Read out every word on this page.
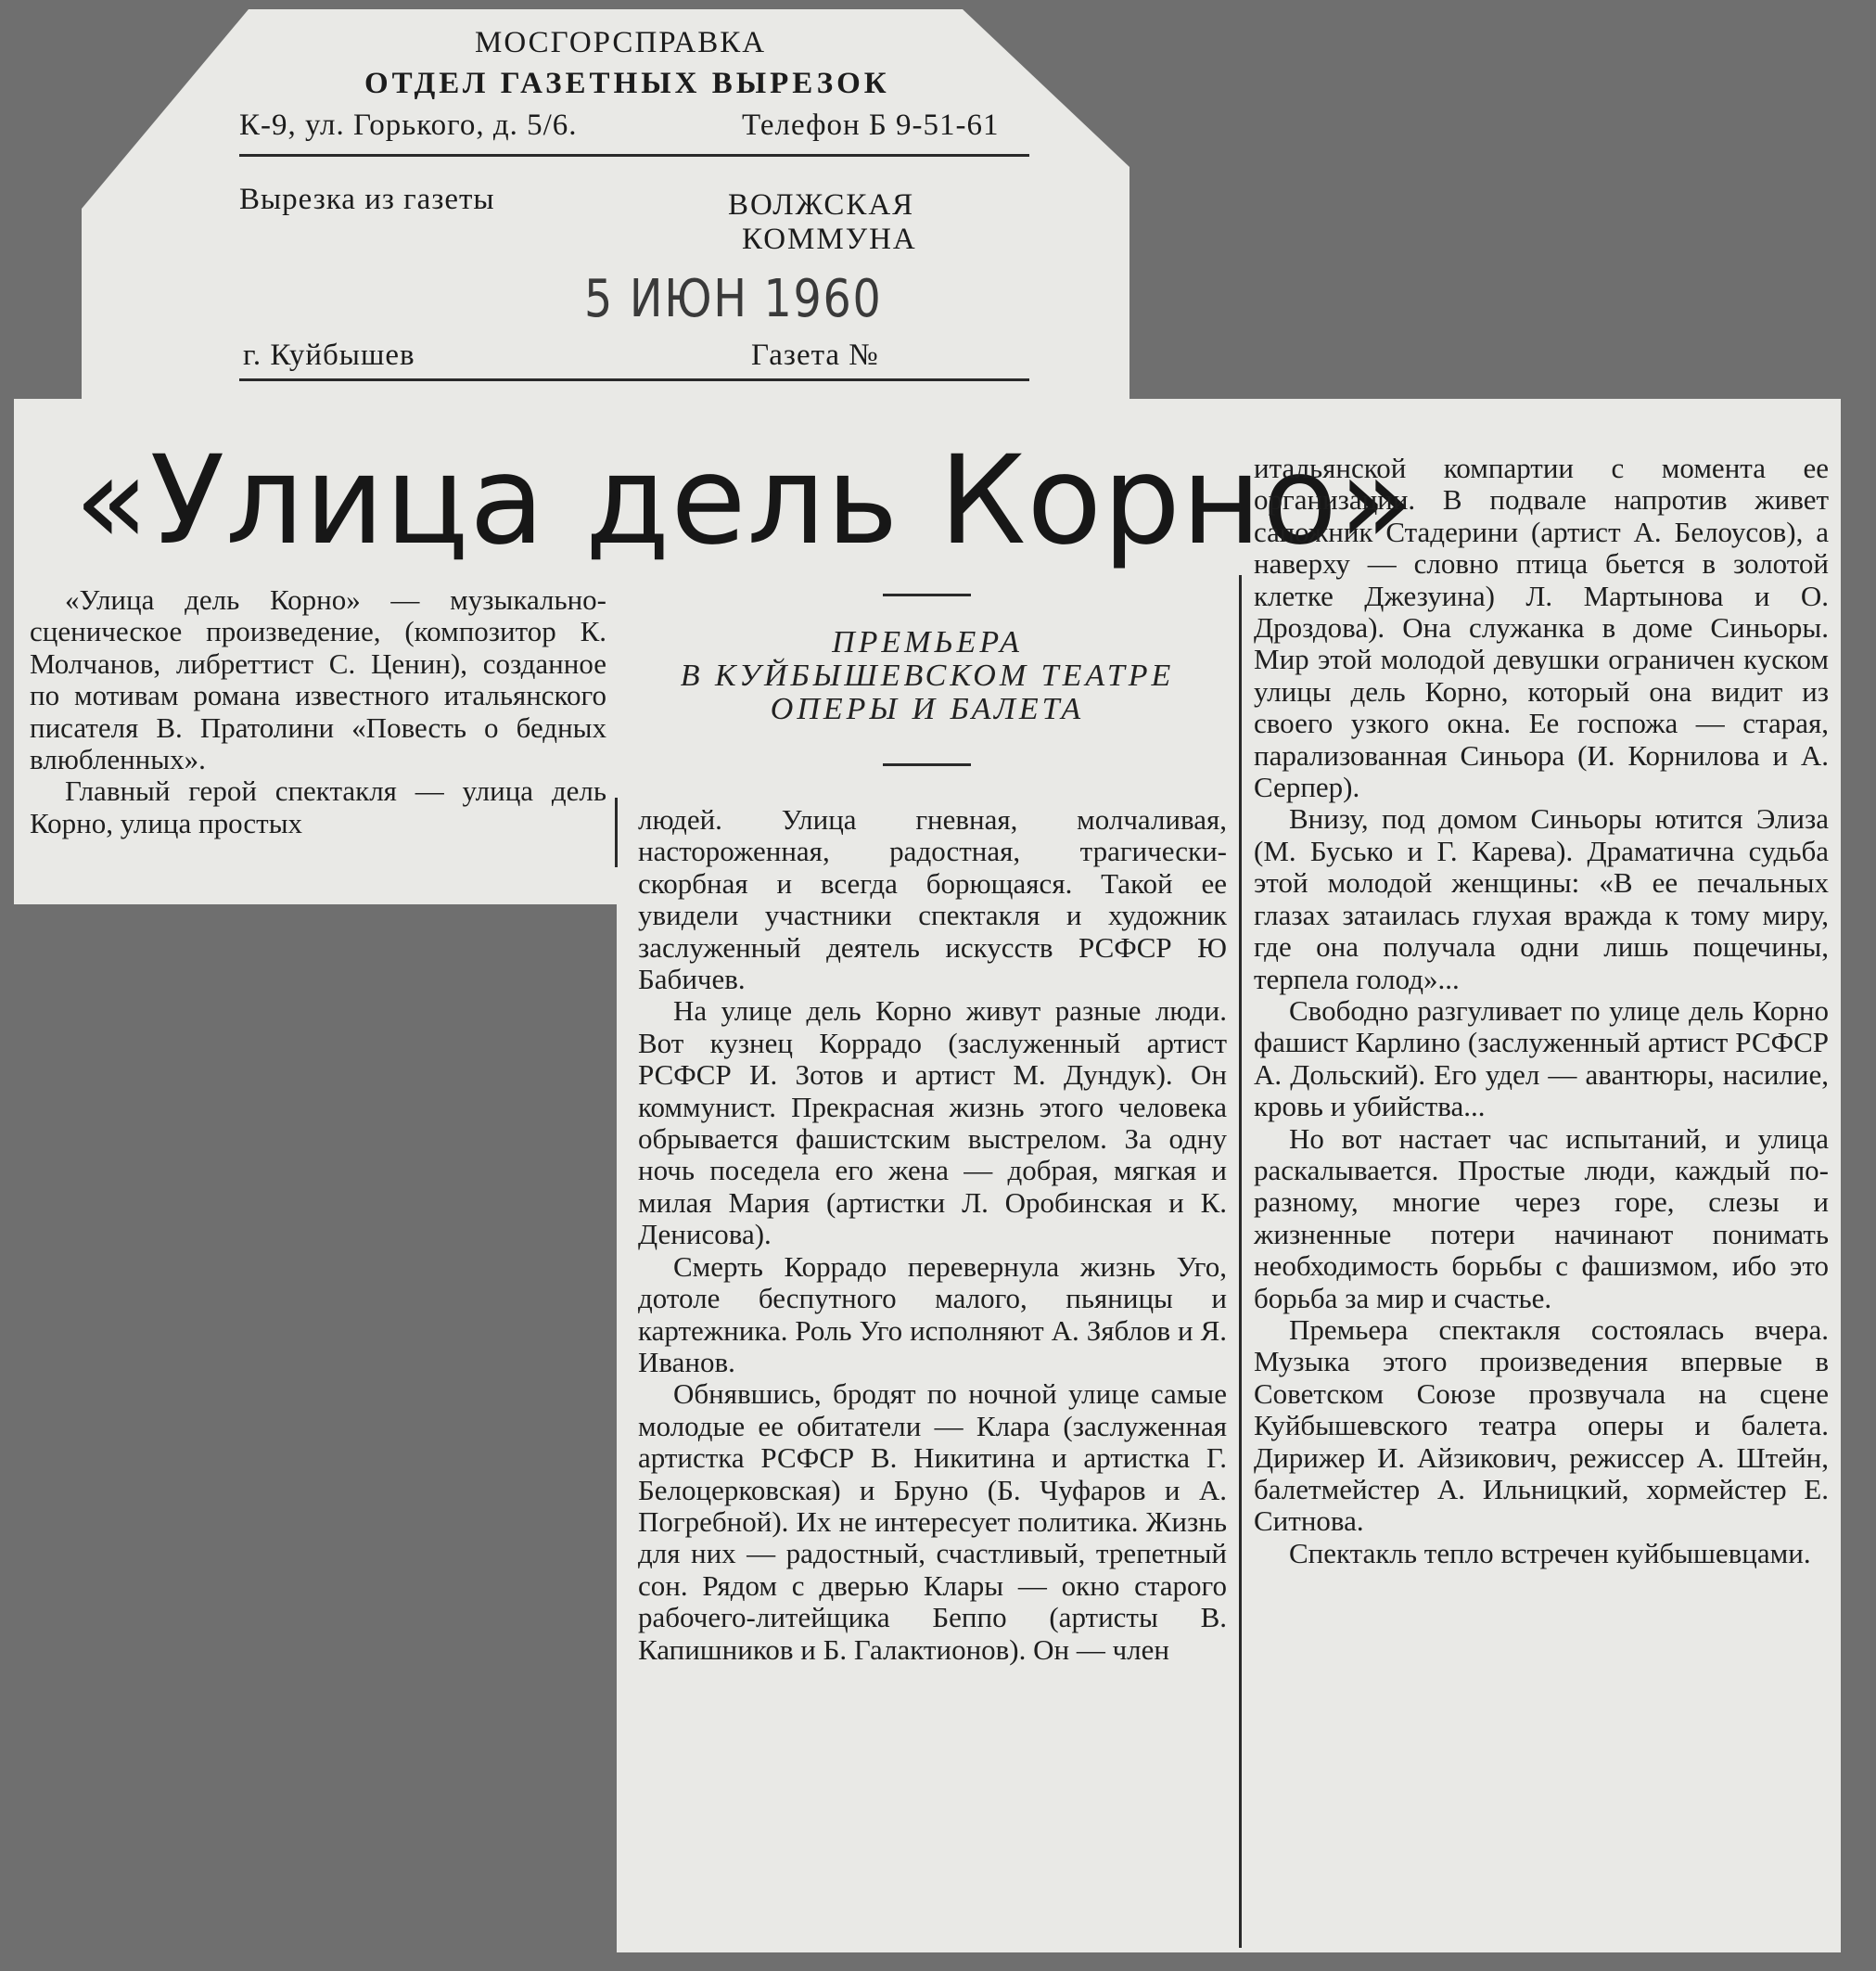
МОСГОРСПРАВКА
ОТДЕЛ ГАЗЕТНЫХ ВЫРЕЗОК
К-9, ул. Горького, д. 5/6.	Телефон Б 9-51-61
Вырезка из газеты	ВОЛЖСКАЯ
КОММУНА
5 ИЮН 1960
г. Куйбышев	Газета №
«Улица дель Корно»
ПРЕМЬЕРА
В КУЙБЫШЕВСКОМ ТЕАТРЕ
ОПЕРЫ И БАЛЕТА

«Улица дель Корно» — музыкально-сценическое произведение, (композитор К. Молчанов, либреттист С. Ценин), созданное по мотивам романа известного итальянского писателя В. Пратолини «Повесть о бедных влюбленных».

Главный герой спектакля — улица дель Корно, улица простых	людей. Улица гневная, молчаливая, настороженная, радостная, трагически-скорбная и всегда борющаяся. Такой ее увидели участники спектакля и художник заслуженный деятель искусств РСФСР Ю Бабичев.

На улице дель Корно живут разные люди. Вот кузнец Коррадо (заслуженный артист РСФСР И. Зотов и артист М. Дундук). Он коммунист. Прекрасная жизнь этого человека обрывается фашистским выстрелом. За одну ночь поседела его жена — добрая, мягкая и милая Мария (артистки Л. Оробинская и К. Денисова).

Смерть Коррадо перевернула жизнь Уго, дотоле беспутного малого, пьяницы и картежника. Роль Уго исполняют А. Зяблов и Я. Иванов.

Обнявшись, бродят по ночной улице самые молодые ее обитатели — Клара (заслуженная артистка РСФСР В. Никитина и артистка Г. Белоцерковская) и Бруно (Б. Чуфаров и А. Погребной). Их не интересует политика. Жизнь для них — радостный, счастливый, трепетный сон. Рядом с дверью Клары — окно старого рабочего-литейщика Беппо (артисты В. Капишников и Б. Галактионов). Он — член

итальянской компартии с момента ее организации. В подвале напротив живет сапожник Стадерини (артист А. Белоусов), а наверху — словно птица бьется в золотой клетке Джезуина) Л. Мартынова и О. Дроздова). Она служанка в доме Синьоры. Мир этой молодой девушки ограничен куском улицы дель Корно, который она видит из своего узкого окна. Ее госпожа — старая, парализованная Синьора (И. Корнилова и А. Серпер).

Внизу, под домом Синьоры ютится Элиза (М. Бусько и Г. Карева). Драматична судьба этой молодой женщины: «В ее печальных глазах затаилась глухая вражда к тому миру, где она получала одни лишь пощечины, терпела голод»...

Свободно разгуливает по улице дель Корно фашист Карлино (заслуженный артист РСФСР А. Дольский). Его удел — авантюры, насилие, кровь и убийства...

Но вот настает час испытаний, и улица раскалывается. Простые люди, каждый по-разному, многие через горе, слезы и жизненные потери начинают понимать необходимость борьбы с фашизмом, ибо это борьба за мир и счастье.

Премьера спектакля состоялась вчера. Музыка этого произведения впервые в Советском Союзе прозвучала на сцене Куйбышевского театра оперы и балета. Дирижер И. Айзикович, режиссер А. Штейн, балетмейстер А. Ильницкий, хормейстер Е. Ситнова.

Спектакль тепло встречен куйбышевцами.
